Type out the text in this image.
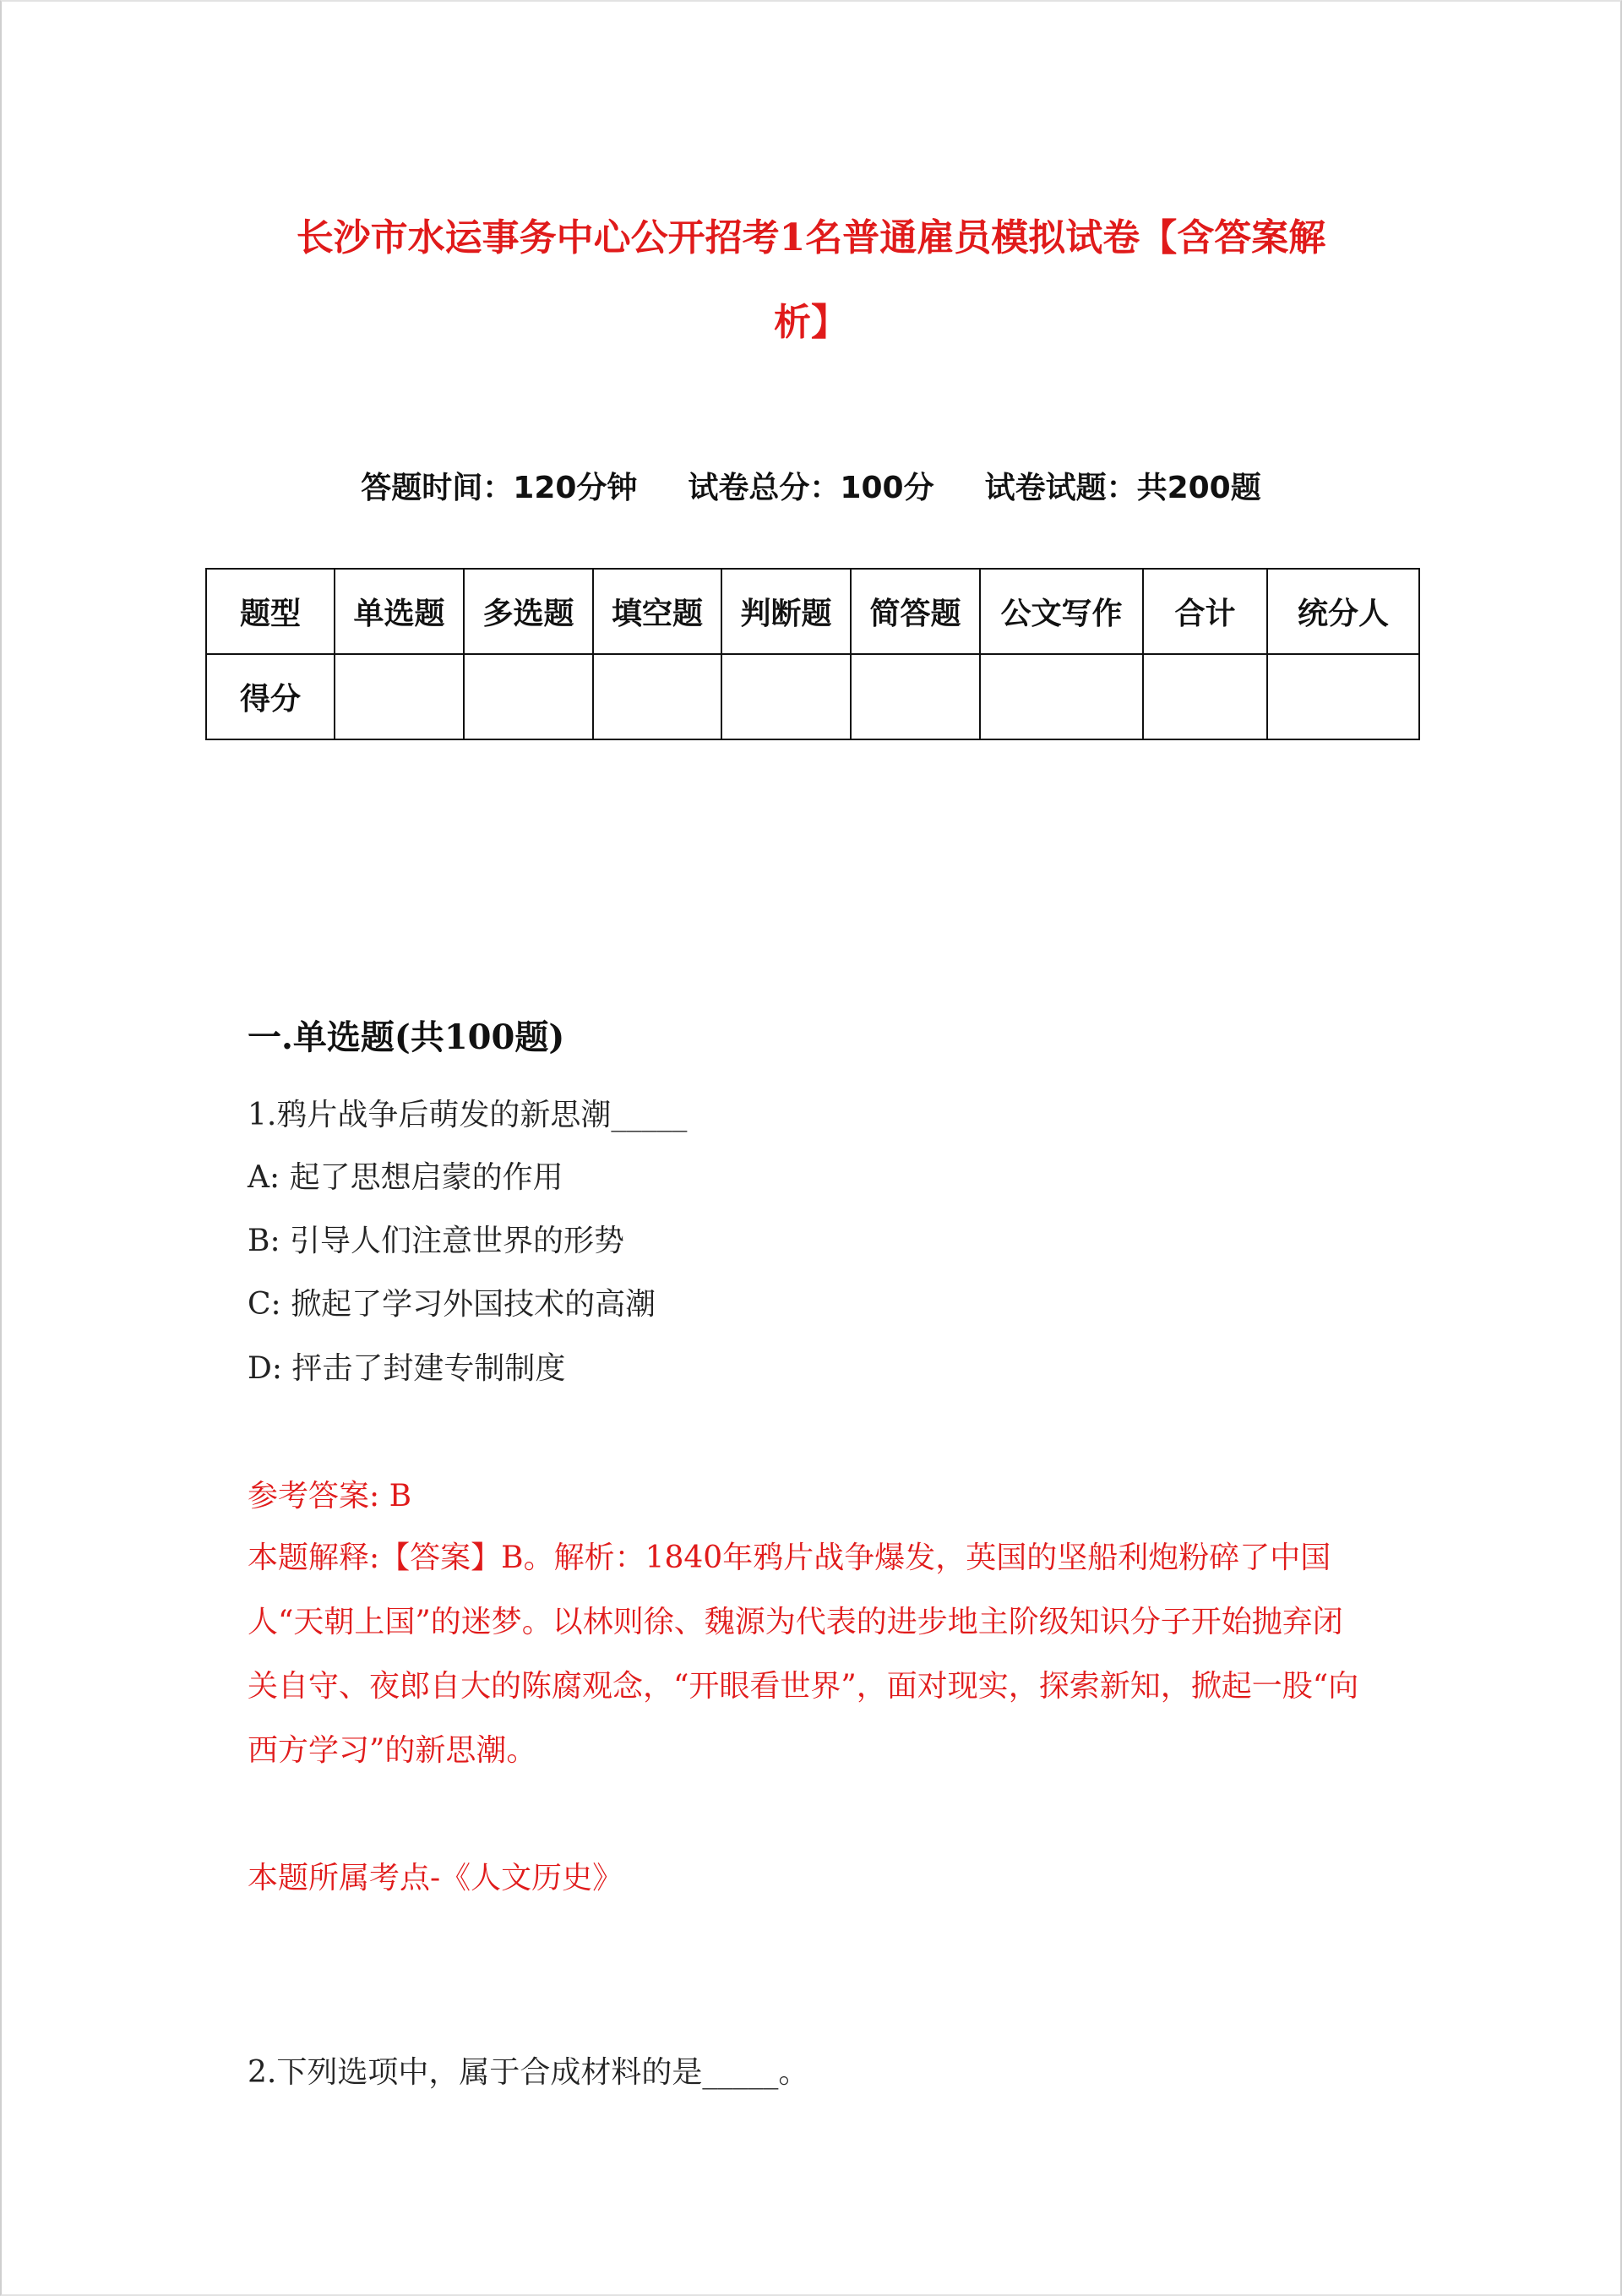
长沙市水运事务中心公开招考1名普通雇员模拟试卷【含答案解
析】
答题时间：120分钟 试卷总分：100分 试卷试题：共200题
题型	单选题	多选题	填空题	判断题	简答题	公文写作	合计	统分人
得分								
一.单选题(共100题)
1.鸦片战争后萌发的新思潮_____
A: 起了思想启蒙的作用
B: 引导人们注意世界的形势
C: 掀起了学习外国技术的高潮
D: 抨击了封建专制制度
参考答案: B
本题解释:【答案】B。解析：1840年鸦片战争爆发，英国的坚船利炮粉碎了中国人“天朝上国”的迷梦。以林则徐、魏源为代表的进步地主阶级知识分子开始抛弃闭关自守、夜郎自大的陈腐观念，“开眼看世界”，面对现实，探索新知，掀起一股“向西方学习”的新思潮。
本题所属考点-《人文历史》
2.下列选项中，属于合成材料的是_____。
